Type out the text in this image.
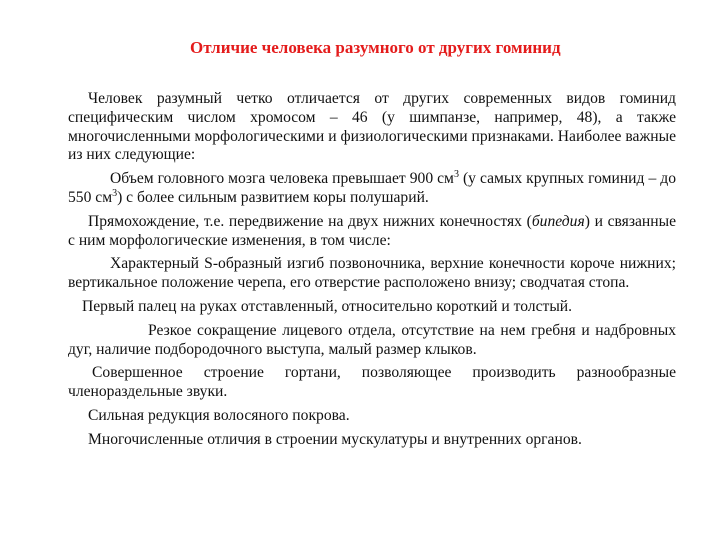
Отличие человека разумного от других гоминид

Человек разумный четко отличается от других современных видов гоминид специфическим числом хромосом – 46 (у шимпанзе, например, 48), а также многочисленными морфологическими и физиологическими признаками. Наиболее важные из них следующие:

Объем головного мозга человека превышает 900 $см^3$ (у самых крупных гоминид – до 550 $см^3$) с более сильным развитием коры полушарий.

Прямохождение, т.е. передвижение на двух нижних конечностях (бипедия) и связанные с ним морфологические изменения, в том числе:

Характерный S-образный изгиб позвоночника, верхние конечности короче нижних; вертикальное положение черепа, его отверстие расположено внизу; сводчатая стопа.

Первый палец на руках отставленный, относительно короткий и толстый.

Резкое сокращение лицевого отдела, отсутствие на нем гребня и надбровных дуг, наличие подбородочного выступа, малый размер клыков.

Совершенное строение гортани, позволяющее производить разнообразные членораздельные звуки.

Сильная редукция волосяного покрова.

Многочисленные отличия в строении мускулатуры и внутренних органов.
